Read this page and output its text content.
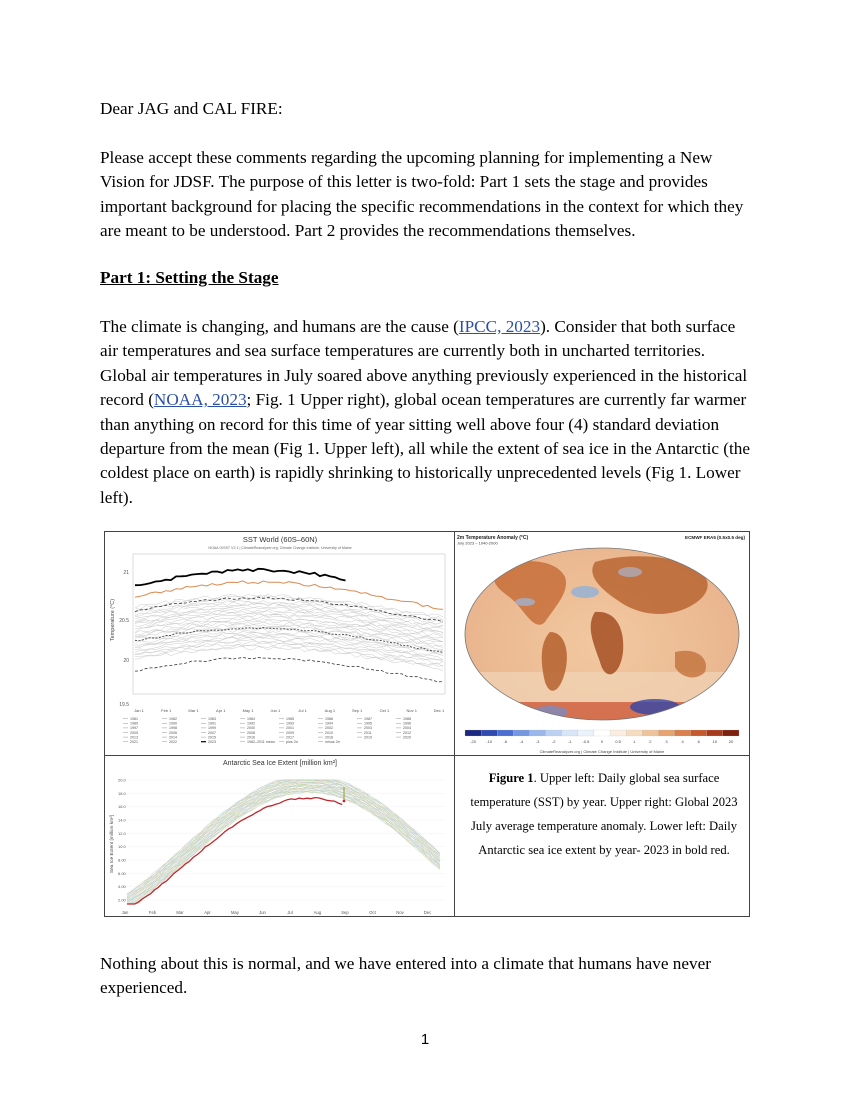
Dear JAG and CAL FIRE:

Please accept these comments regarding the upcoming planning for implementing a New Vision for JDSF. The purpose of this letter is two-fold: Part 1 sets the stage and provides important background for placing the specific recommendations in the context for which they are meant to be understood. Part 2 provides the recommendations themselves.

Part 1: Setting the Stage

The climate is changing, and humans are the cause (IPCC, 2023). Consider that both surface air temperatures and sea surface temperatures are currently both in uncharted territories. Global air temperatures in July soared above anything previously experienced in the historical record (NOAA, 2023; Fig. 1 Upper right), global ocean temperatures are currently far warmer than anything on record for this time of year sitting well above four (4) standard deviation departure from the mean (Fig 1. Upper left), all while the extent of sea ice in the Antarctic (the coldest place on earth) is rapidly shrinking to historically unprecedented levels (Fig 1. Lower left).

SST World (60S–60N)
NOAA OISST V2.1 | ClimateReanalyzer.org, Climate Change Institute, University of Maine
Temperature (°C)
21
20.5
20
19.5
Jan 1	Feb 1	Mar 1	Apr 1	May 1	Jun 1	Jul 1	Aug 1	Sep 1	Oct 1	Nov 1	Dec 1
1981	1982	1983	1984	1985	1986	1987	1988
1989	1990	1991	1992	1993	1994	1995	1996
1997	1998	1999	2000	2001	2002	2003	2004
2005	2006	2007	2008	2009	2010	2011	2012
2013	2014	2015	2016	2017	2018	2019	2020
2021	2022	2023	1982–2011 mean	plus 2σ	minus 2σ
2m Temperature Anomaly (°C)
July 2023 – 1940-2000
ECMWF ERA5 (0.5x0.5 deg)
-20	-10	-6	-4	-3	-2	-1	-0.5	0	0.5	1	2	3	4	6	10	20
ClimateReanalyzer.org | Climate Change Institute | University of Maine
Antarctic Sea Ice Extent [million km²]
Sea Ice Extent [million km²]
20.0
18.0
16.0
14.0
12.0
10.0
8.00
6.00
4.00
2.00
Jan	Feb	Mar	Apr	May	Jun	Jul	Aug	Sep	Oct	Nov	Dec
Figure 1. Upper left: Daily global sea surface temperature (SST) by year. Upper right: Global 2023 July average temperature anomaly. Lower left: Daily Antarctic sea ice extent by year- 2023 in bold red.

Nothing about this is normal, and we have entered into a climate that humans have never experienced.

1
